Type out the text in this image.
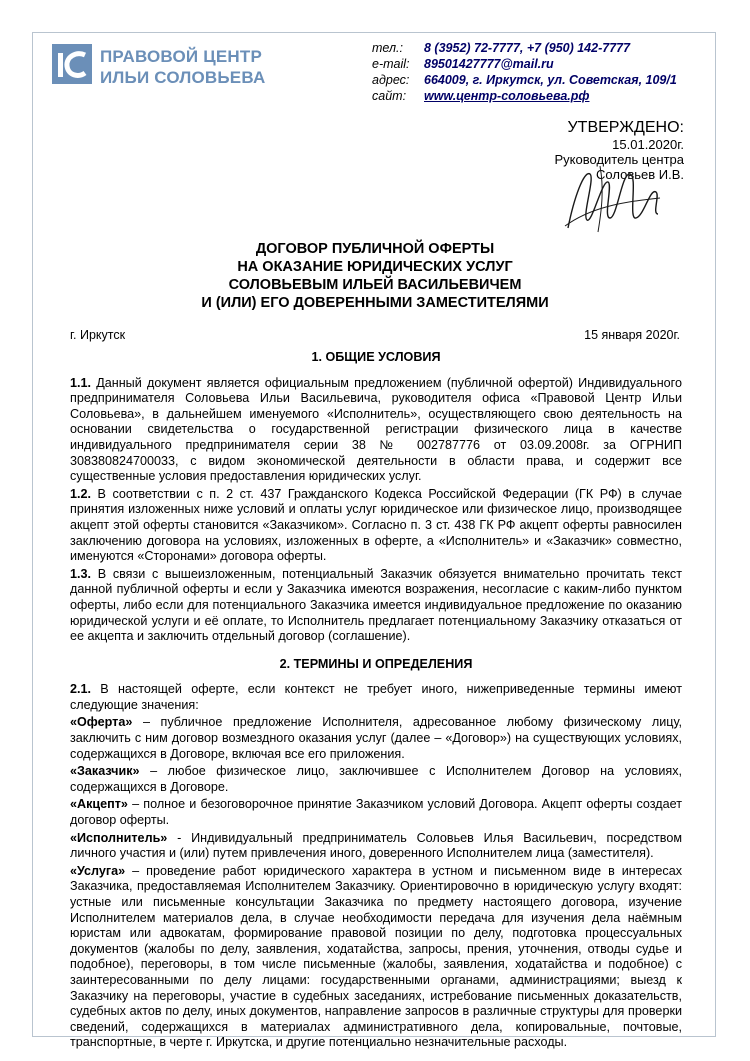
ПРАВОВОЙ ЦЕНТР
ИЛЬИ СОЛОВЬЕВА
тел.:	8 (3952) 72-7777, +7 (950) 142-7777
e-mail:	89501427777@mail.ru
адрес:	664009, г. Иркутск, ул. Советская, 109/1
сайт:	www.центр-соловьева.рф
УТВЕРЖДЕНО:
15.01.2020г.
Руководитель центра
Соловьев И.В.
ДОГОВОР ПУБЛИЧНОЙ ОФЕРТЫ
НА ОКАЗАНИЕ ЮРИДИЧЕСКИХ УСЛУГ
СОЛОВЬЕВЫМ ИЛЬЕЙ ВАСИЛЬЕВИЧЕМ
И (ИЛИ) ЕГО ДОВЕРЕННЫМИ ЗАМЕСТИТЕЛЯМИ
г. Иркутск	15 января 2020г.
1. ОБЩИЕ УСЛОВИЯ

1.1. Данный документ является официальным предложением (публичной офертой) Индивидуального предпринимателя Соловьева Ильи Васильевича, руководителя офиса «Правовой Центр Ильи Соловьева», в дальнейшем именуемого «Исполнитель», осуществляющего свою деятельность на основании свидетельства о государственной регистрации физического лица в качестве индивидуального предпринимателя серии 38 № 002787776 от 03.09.2008г. за ОГРНИП 308380824700033, с видом экономической деятельности в области права, и содержит все существенные условия предоставления юридических услуг.

1.2. В соответствии с п. 2 ст. 437 Гражданского Кодекса Российской Федерации (ГК РФ) в случае принятия изложенных ниже условий и оплаты услуг юридическое или физическое лицо, производящее акцепт этой оферты становится «Заказчиком». Согласно п. 3 ст. 438 ГК РФ акцепт оферты равносилен заключению договора на условиях, изложенных в оферте, а «Исполнитель» и «Заказчик» совместно, именуются «Сторонами» договора оферты.

1.3. В связи с вышеизложенным, потенциальный Заказчик обязуется внимательно прочитать текст данной публичной оферты и если у Заказчика имеются возражения, несогласие с каким-либо пунктом оферты, либо если для потенциального Заказчика имеется индивидуальное предложение по оказанию юридической услуги и её оплате, то Исполнитель предлагает потенциальному Заказчику отказаться от ее акцепта и заключить отдельный договор (соглашение).

2. ТЕРМИНЫ И ОПРЕДЕЛЕНИЯ

2.1. В настоящей оферте, если контекст не требует иного, нижеприведенные термины имеют следующие значения:

«Оферта» – публичное предложение Исполнителя, адресованное любому физическому лицу, заключить с ним договор возмездного оказания услуг (далее – «Договор») на существующих условиях, содержащихся в Договоре, включая все его приложения.

«Заказчик» – любое физическое лицо, заключившее с Исполнителем Договор на условиях, содержащихся в Договоре.

«Акцепт» – полное и безоговорочное принятие Заказчиком условий Договора. Акцепт оферты создает договор оферты.

«Исполнитель» - Индивидуальный предприниматель Соловьев Илья Васильевич, посредством личного участия и (или) путем привлечения иного, доверенного Исполнителем лица (заместителя).

«Услуга» – проведение работ юридического характера в устном и письменном виде в интересах Заказчика, предоставляемая Исполнителем Заказчику. Ориентировочно в юридическую услугу входят: устные или письменные консультации Заказчика по предмету настоящего договора, изучение Исполнителем материалов дела, в случае необходимости передача для изучения дела наёмным юристам или адвокатам, формирование правовой позиции по делу, подготовка процессуальных документов (жалобы по делу, заявления, ходатайства, запросы, прения, уточнения, отводы судье и подобное), переговоры, в том числе письменные (жалобы, заявления, ходатайства и подобное) с заинтересованными по делу лицами: государственными органами, администрациями; выезд к Заказчику на переговоры, участие в судебных заседаниях, истребование письменных доказательств, судебных актов по делу, иных документов, направление запросов в различные структуры для проверки сведений, содержащихся в материалах административного дела, копировальные, почтовые, транспортные, в черте г. Иркутска, и другие потенциально незначительные расходы.
